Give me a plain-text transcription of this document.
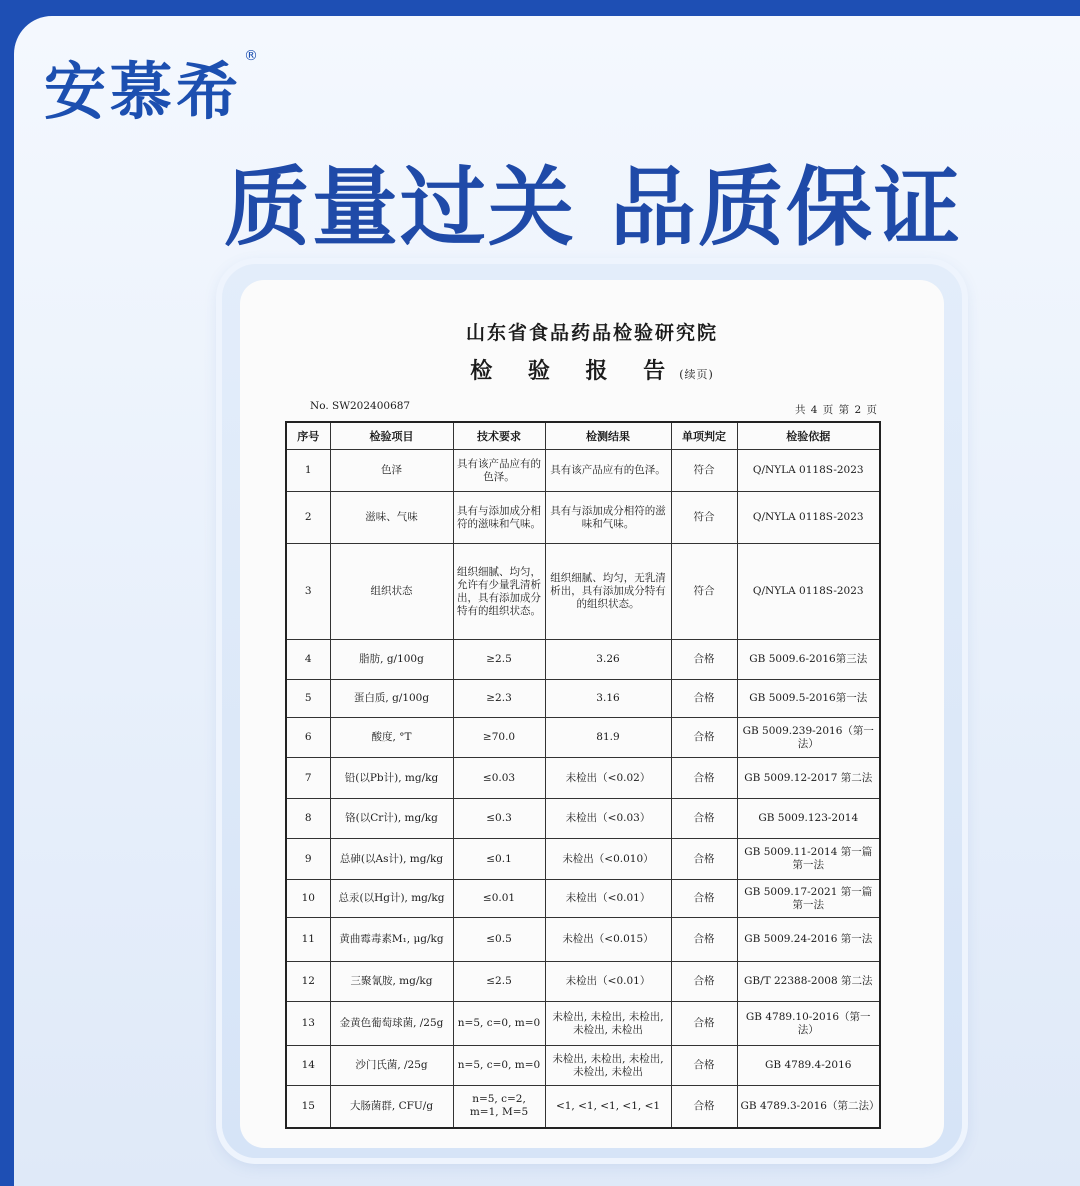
安慕希 ®
质量过关 品质保证
山东省食品药品检验研究院
检 验 报 告(续页)
No. SW202400687	共 4 页 第 2 页
序号	检验项目	技术要求	检测结果	单项判定	检验依据
1	色泽	具有该产品应有的色泽。	具有该产品应有的色泽。	符合	Q/NYLA 0118S-2023
2	滋味、气味	具有与添加成分相符的滋味和气味。	具有与添加成分相符的滋味和气味。	符合	Q/NYLA 0118S-2023
3	组织状态	组织细腻、均匀，允许有少量乳清析出，具有添加成分特有的组织状态。	组织细腻、均匀，无乳清析出，具有添加成分特有的组织状态。	符合	Q/NYLA 0118S-2023
4	脂肪, g/100g	≥2.5	3.26	合格	GB 5009.6-2016第三法
5	蛋白质, g/100g	≥2.3	3.16	合格	GB 5009.5-2016第一法
6	酸度, °T	≥70.0	81.9	合格	GB 5009.239-2016（第一法）
7	铅(以Pb计), mg/kg	≤0.03	未检出（<0.02）	合格	GB 5009.12-2017 第二法
8	铬(以Cr计), mg/kg	≤0.3	未检出（<0.03）	合格	GB 5009.123-2014
9	总砷(以As计), mg/kg	≤0.1	未检出（<0.010）	合格	GB 5009.11-2014 第一篇第一法
10	总汞(以Hg计), mg/kg	≤0.01	未检出（<0.01）	合格	GB 5009.17-2021 第一篇第一法
11	黄曲霉毒素M₁, μg/kg	≤0.5	未检出（<0.015）	合格	GB 5009.24-2016 第一法
12	三聚氰胺, mg/kg	≤2.5	未检出（<0.01）	合格	GB/T 22388-2008 第二法
13	金黄色葡萄球菌, /25g	n=5, c=0, m=0	未检出, 未检出, 未检出, 未检出, 未检出	合格	GB 4789.10-2016（第一法）
14	沙门氏菌, /25g	n=5, c=0, m=0	未检出, 未检出, 未检出, 未检出, 未检出	合格	GB 4789.4-2016
15	大肠菌群, CFU/g	n=5, c=2, m=1, M=5	<1, <1, <1, <1, <1	合格	GB 4789.3-2016（第二法）
